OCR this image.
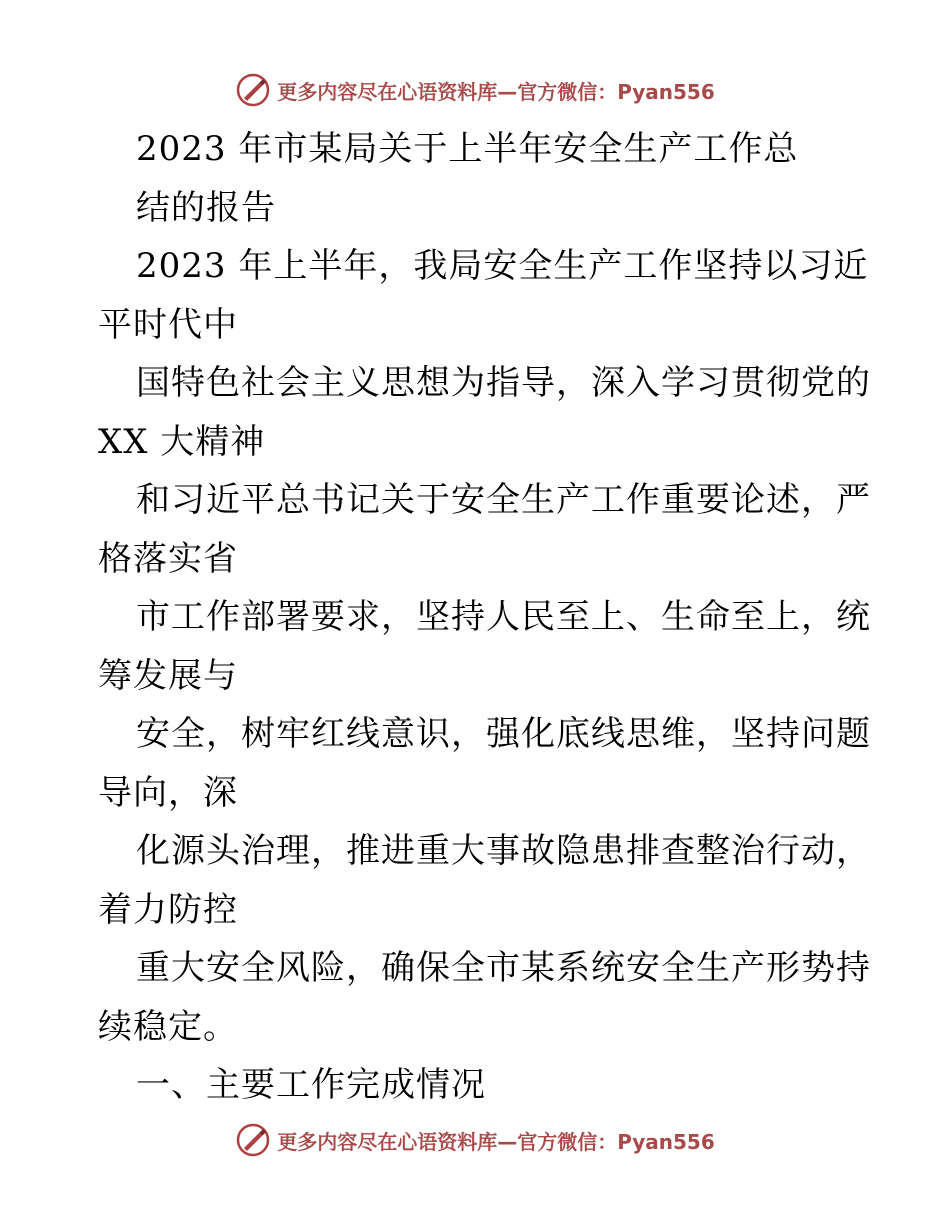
更多内容尽在心语资料库—官方微信：Pyan556
2023 年市某局关于上半年安全生产工作总
结的报告
2023 年上半年，我局安全生产工作坚持以习近
平时代中
国特色社会主义思想为指导，深入学习贯彻党的
XX 大精神
和习近平总书记关于安全生产工作重要论述，严
格落实省
市工作部署要求，坚持人民至上、生命至上，统
筹发展与
安全，树牢红线意识，强化底线思维，坚持问题
导向，深
化源头治理，推进重大事故隐患排查整治行动，
着力防控
重大安全风险，确保全市某系统安全生产形势持
续稳定。
一、主要工作完成情况
更多内容尽在心语资料库—官方微信：Pyan556
